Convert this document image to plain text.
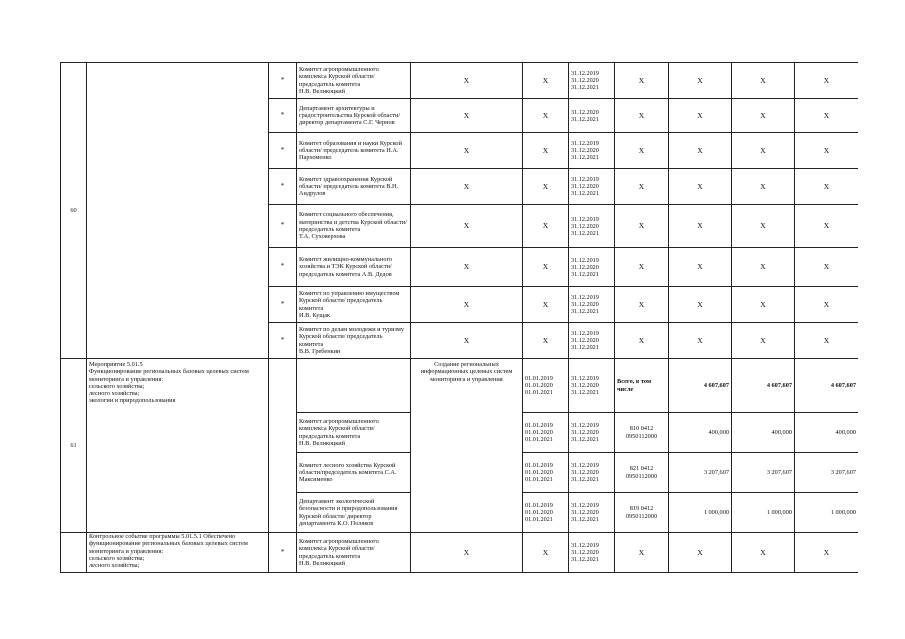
60		*	Комитет агропромышленного комплекса Курской области/ председатель комитета
Н.В. Великоцкий	X	X	31.12.2019
31.12.2020
31.12.2021	X	X	X	X
		*	Департамент архитектуры и градостроительства Курской области/ директор департамента С.Г. Чернов	X	X	31.12.2020
31.12.2021	X	X	X	X
		*	Комитет образования и науки Курской области/ председатель комитета Н.А. Пархоменко	X	X	31.12.2019
31.12.2020
31.12.2021	X	X	X	X
		*	Комитет здравоохранения Курской области/ председатель комитета В.Н. Андрулов	X	X	31.12.2019
31.12.2020
31.12.2021	X	X	X	X
		*	Комитет социального обеспечения, материнства и детства Курской области/ председатель комитета
Т.А. Суховерхова	X	X	31.12.2019
31.12.2020
31.12.2021	X	X	X	X
		*	Комитет жилищно-коммунального хозяйства и ТЭК Курской области/ председатель комитета А.В. Дедов	X	X	31.12.2019
31.12.2020
31.12.2021	X	X	X	X
		*	Комитет по управлению имуществом Курской области/ председатель комитета
И.В. Кущак	X	X	31.12.2019
31.12.2020
31.12.2021	X	X	X	X
		*	Комитет по делам молодежи и туризму Курской области/ председатель комитета
В.В. Гребенкин	X	X	31.12.2019
31.12.2020
31.12.2021	X	X	X	X
61	Мероприятие 5.01.5
Функционирование региональных базовых целевых систем мониторинга и управления:
сельского хозяйства;
лесного хозяйства;
экологии и природопользования			Создание региональных информационных целевых систем мониторинга и управления	01.01.2019
01.01.2020
01.01.2021	31.12.2019
31.12.2020
31.12.2021	Всего, в том числе	4 607,607	4 607,607	4 607,607
			Комитет агропромышленного комплекса Курской области/ председатель комитета
Н.В. Великоцкий		01.01.2019
01.01.2020
01.01.2021	31.12.2019
31.12.2020
31.12.2021	810 0412
0950112000	400,000	400,000	400,000
			Комитет лесного хозяйства Курской области/председатель комитета С.А. Максименко		01.01.2019
01.01.2020
01.01.2021	31.12.2019
31.12.2020
31.12.2021	821 0412
0950112000	3 207,607	3 207,607	3 207,607
			Департамент экологической безопасности и природопользования Курской области/ директор департамента К.О. Поляков		01.01.2019
01.01.2020
01.01.2021	31.12.2019
31.12.2020
31.12.2021	819 0412
0950112000	1 000,000	1 000,000	1 000,000
	Контрольное событие программы 5.01.5.1 Обеспечено функционирование региональных базовых целевых систем мониторинга и управления:
сельского хозяйства;
лесного хозяйства;	*	Комитет агропромышленного комплекса Курской области/ председатель комитета
Н.В. Великоцкий	X	X	31.12.2019
31.12.2020
31.12.2021	X	X	X	X
